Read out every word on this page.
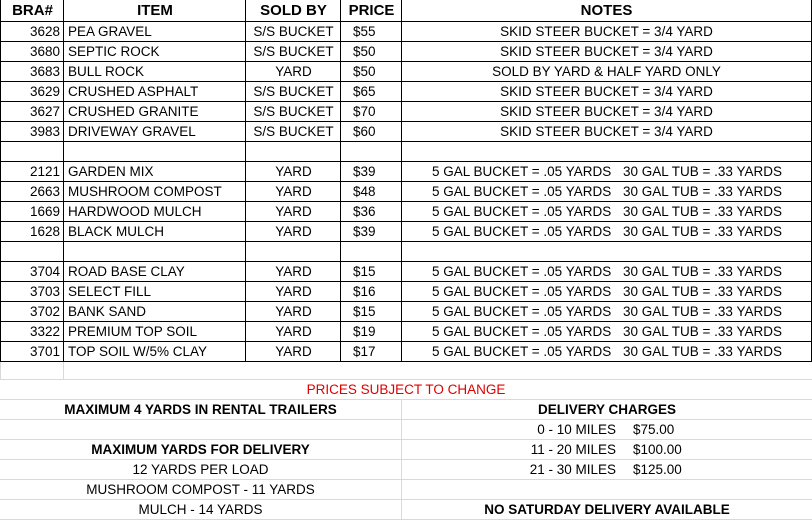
BRA#	ITEM	SOLD BY	PRICE	NOTES
3628 PEA GRAVEL	S/S BUCKET	$55	SKID STEER BUCKET = 3/4 YARD
3680 SEPTIC ROCK	S/S BUCKET	$50	SKID STEER BUCKET = 3/4 YARD
3683 BULL ROCK	YARD	$50	SOLD BY YARD & HALF YARD ONLY
3629 CRUSHED ASPHALT	S/S BUCKET	$65	SKID STEER BUCKET = 3/4 YARD
3627 CRUSHED GRANITE	S/S BUCKET	$70	SKID STEER BUCKET = 3/4 YARD
3983 DRIVEWAY GRAVEL	S/S BUCKET	$60	SKID STEER BUCKET = 3/4 YARD
2121 GARDEN MIX	YARD	$39	5 GAL BUCKET = .05 YARDS 30 GAL TUB = .33 YARDS
2663 MUSHROOM COMPOST	YARD	$48	5 GAL BUCKET = .05 YARDS 30 GAL TUB = .33 YARDS
1669 HARDWOOD MULCH	YARD	$36	5 GAL BUCKET = .05 YARDS 30 GAL TUB = .33 YARDS
1628 BLACK MULCH	YARD	$39	5 GAL BUCKET = .05 YARDS 30 GAL TUB = .33 YARDS
3704 ROAD BASE CLAY	YARD	$15	5 GAL BUCKET = .05 YARDS 30 GAL TUB = .33 YARDS
3703 SELECT FILL	YARD	$16	5 GAL BUCKET = .05 YARDS 30 GAL TUB = .33 YARDS
3702 BANK SAND	YARD	$15	5 GAL BUCKET = .05 YARDS 30 GAL TUB = .33 YARDS
3322 PREMIUM TOP SOIL	YARD	$19	5 GAL BUCKET = .05 YARDS 30 GAL TUB = .33 YARDS
3701 TOP SOIL W/5% CLAY	YARD	$17	5 GAL BUCKET = .05 YARDS 30 GAL TUB = .33 YARDS
PRICES SUBJECT TO CHANGE
MAXIMUM 4 YARDS IN RENTAL TRAILERS
MAXIMUM YARDS FOR DELIVERY
12 YARDS PER LOAD
MUSHROOM COMPOST - 11 YARDS
MULCH - 14 YARDS
DELIVERY CHARGES
0 - 10 MILES $75.00
11 - 20 MILES $100.00
21 - 30 MILES $125.00
NO SATURDAY DELIVERY AVAILABLE
